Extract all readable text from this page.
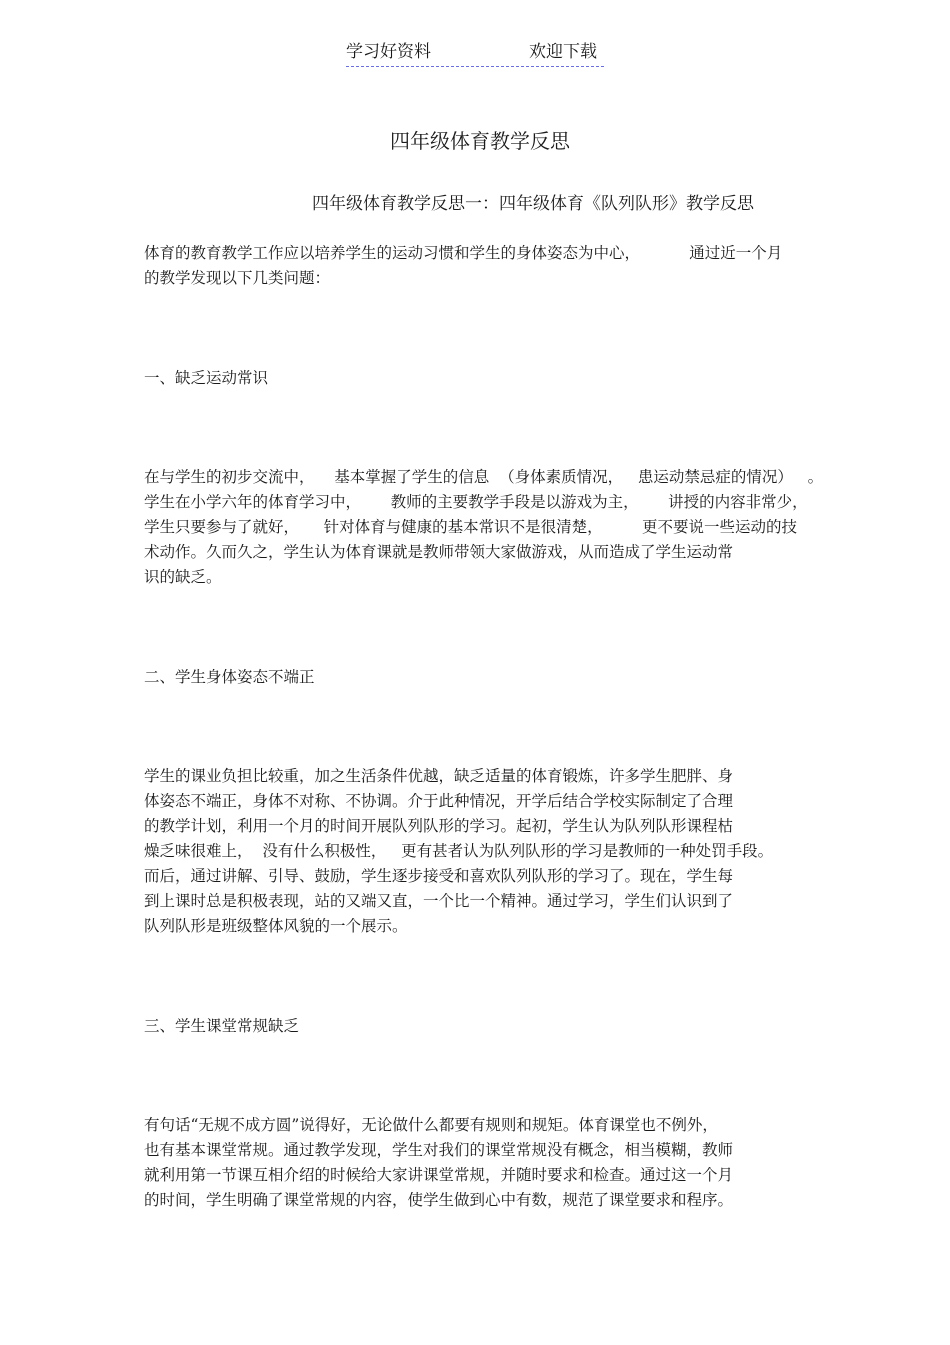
学习好资料	欢迎下载
四年级体育教学反思
四年级体育教学反思一：四年级体育《队列队形》教学反思
体育的教育教学工作应以培养学生的运动习惯和学生的身体姿态为中心，          通过近一个月
的教学发现以下几类问题：
一、缺乏运动常识
在与学生的初步交流中，    基本掌握了学生的信息  （身体素质情况，   患运动禁忌症的情况）   。
学生在小学六年的体育学习中，      教师的主要教学手段是以游戏为主，      讲授的内容非常少，
学生只要参与了就好，     针对体育与健康的基本常识不是很清楚，        更不要说一些运动的技
术动作。久而久之，学生认为体育课就是教师带领大家做游戏，从而造成了学生运动常
识的缺乏。
二、学生身体姿态不端正
学生的课业负担比较重，加之生活条件优越，缺乏适量的体育锻炼，许多学生肥胖、身
体姿态不端正，身体不对称、不协调。介于此种情况，开学后结合学校实际制定了合理
的教学计划，利用一个月的时间开展队列队形的学习。起初，学生认为队列队形课程枯
燥乏味很难上，  没有什么积极性，   更有甚者认为队列队形的学习是教师的一种处罚手段。
而后，通过讲解、引导、鼓励，学生逐步接受和喜欢队列队形的学习了。现在，学生每
到上课时总是积极表现，站的又端又直，一个比一个精神。通过学习，学生们认识到了
队列队形是班级整体风貌的一个展示。
三、学生课堂常规缺乏
有句话“无规不成方圆”说得好，无论做什么都要有规则和规矩。体育课堂也不例外，
也有基本课堂常规。通过教学发现，学生对我们的课堂常规没有概念，相当模糊，教师
就利用第一节课互相介绍的时候给大家讲课堂常规，并随时要求和检查。通过这一个月
的时间，学生明确了课堂常规的内容，使学生做到心中有数，规范了课堂要求和程序。
